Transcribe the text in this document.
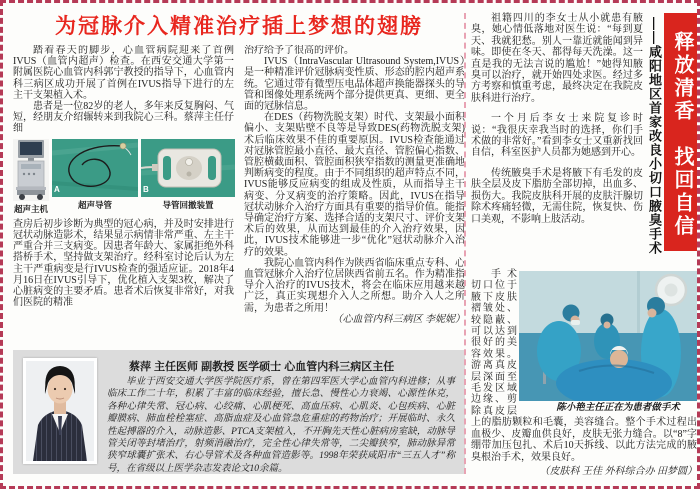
为冠脉介入精准治疗插上梦想的翅膀

踏着春天的脚步，心血管病院迎来了首例IVUS（血管内超声）检查。在西安交通大学第一附属医院心血管内科郭宁教授的指导下，心血管内科三病区成功开展了首例在IVUS指导下进行的左主干支架植入术。

患者是一位82岁的老人，多年来反复胸闷、气短，经朋友介绍辗转来到我院心三科。蔡萍主任仔细

超声主机
A
超声导管
B
导管回撤装置

查房后初步诊断为典型的冠心病，并及时安排进行冠状动脉造影术，结果显示病情非常严重、左主干严重合并三支病变。因患者年龄大、家属拒绝外科搭桥手术，坚持做支架治疗。经科室讨论后认为左主干严重病变是行IVUS检查的强适应证。2018年4月16日在IVUS引导下，优化植入支架3枚，解决了心脏病变的主要矛盾。患者术后恢复非常好，对我们医院的精准

治疗给予了很高的评价。

IVUS（IntraVascular Ultrasound System,IVUS）是一种精准评价冠脉病变性质、形态的腔内超声系统。它通过带有微型压电晶体超声换能器探头的导管和图像处理系统两个部分提供更真、更细、更全面的冠脉信息。

在DES（药物洗脱支架）时代、支架最小面积偏小、支架贴壁不良等是导致DES(药物洗脱支架)术后临床效果不佳的重要原因。IVUS检查能通过对冠脉管腔最小直径、最大直径、管腔偏心指数、管腔横截面积、管腔面积狭窄指数的测量更准确地判断病变的程度。由于不同组织的超声特点不同，IVUS能够反应病变的组成及性质，从而指导主干病变、分叉病变的治疗策略。因此，IVUS在指导冠状动脉介入治疗方面具有重要的指导价值。能指导确定治疗方案、选择合适的支架尺寸、评价支架术后的效果，从而达到最佳的介入治疗效果，因此，IVUS技术能够进一步“优化”冠状动脉介入治疗的效果。

我院心血管内科作为陕西省临床重点专科、心血管冠脉介入治疗位居陕西省前五名。作为精准指导介入治疗的IVUS技术，将会在临床应用越来越广泛，真正实现想介入人之所想。助介入人之所需，为患者之所用！
（心血管内科三病区 李妮妮）

蔡萍 主任医师 副教授 医学硕士 心血管内科三病区主任
毕业于西安交通大学医学院医疗系，曾在第四军医大学心血管内科进修；从事临床工作二十年，积累了丰富的临床经验，擅长急、慢性心力衰竭、心源性休克，各种心律失常、冠心病、心绞痛、心肌梗死、高血压病、心肌炎、心包疾病、心脏瓣膜病、肺血栓栓塞症、高脂血症及心血管急危重症的药物治疗；开展临时、永久性起搏器的介入，动脉造影、PTCA支架植入，不开胸先天性心脏病房室缺，动脉导管关闭等封堵治疗，射频消融治疗，完全性心律失常等，二尖瓣狭窄，肺动脉异常狭窄球囊扩张术、右心导管术及各种血管造影等。1998年荣获咸阳市“三五人才”称号，在省级以上医学杂志发表论文10余篇。

祖籍四川的李女士从小就患有腋臭，她心情低落地对医生说：“每到夏天、我就犯愁。别人一靠近就能闻到异味。即使在冬天、都得每天洗澡。这一直是我的无法言说的尴尬！”她得知腋臭可以治疗，就开始四处求医。经过多方考察和慎重考虑，最终决定在我院皮肤科进行治疗。

一个月后李女士来院复诊时说：“我很庆幸我当时的选择，你们手术做的非常好。”看到李女士又重新找回自信，科室医护人员都为她感到开心。

传统腋臭手术是将腋下有毛发的皮肤全层及皮下脂肪全部切掉，出血多、损伤大。我院皮肤科开展的皮肤汗腺切除术疼痛轻微，无需住院，恢复快、伤口美观，不影响上肢活动。	——咸阳地区首家改良小切口腋臭手术 释放清香　找回自信
陈小艳主任正在为患者做手术
手术切口位于腋下皮肤褶皱处、较隐蔽、可以达到很好的美容效果。游离真皮层深面至毛发区域边缘、剪除真皮层上的脂肪颗粒和毛囊，美容缝合。整个手术过程出血极少、皮瓣血供良好，皮肤无张力缝合。以“8”字绷带加压包扎、术后10天拆线、以此方法完成的腋臭根治手术，效果良好。
（皮肤科 王佳 外科综合办 田梦圆）
